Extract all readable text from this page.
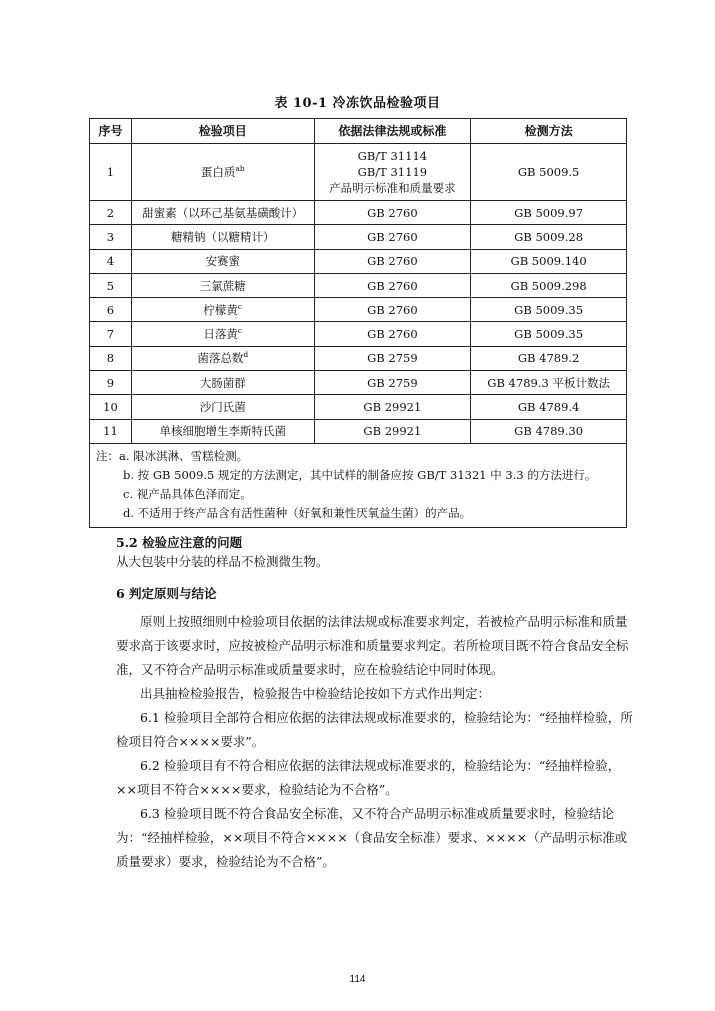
表 10-1 冷冻饮品检验项目
序号	检验项目	依据法律法规或标准	检测方法
1	蛋白质$^{ab}$	GB/T 31114
GB/T 31119
产品明示标准和质量要求	GB 5009.5
2	甜蜜素（以环己基氨基磺酸计）	GB 2760	GB 5009.97
3	糖精钠（以糖精计）	GB 2760	GB 5009.28
4	安赛蜜	GB 2760	GB 5009.140
5	三氯蔗糖	GB 2760	GB 5009.298
6	柠檬黄$^c$	GB 2760	GB 5009.35
7	日落黄$^c$	GB 2760	GB 5009.35
8	菌落总数$^d$	GB 2759	GB 4789.2
9	大肠菌群	GB 2759	GB 4789.3 平板计数法
10	沙门氏菌	GB 29921	GB 4789.4
11	单核细胞增生李斯特氏菌	GB 29921	GB 4789.30

注：a. 限冰淇淋、雪糕检测。
b. 按 GB 5009.5 规定的方法测定，其中试样的制备应按 GB/T 31321 中 3.3 的方法进行。
c. 视产品具体色泽而定。
d. 不适用于终产品含有活性菌种（好氧和兼性厌氧益生菌）的产品。			
5.2 检验应注意的问题
从大包装中分装的样品不检测微生物。
6 判定原则与结论
原则上按照细则中检验项目依据的法律法规或标准要求判定，若被检产品明示标准和质量要求高于该要求时，应按被检产品明示标准和质量要求判定。若所检项目既不符合食品安全标准，又不符合产品明示标准或质量要求时，应在检验结论中同时体现。
出具抽检检验报告，检验报告中检验结论按如下方式作出判定：
6.1 检验项目全部符合相应依据的法律法规或标准要求的，检验结论为：“经抽样检验，所检项目符合××××要求”。
6.2 检验项目有不符合相应依据的法律法规或标准要求的，检验结论为：“经抽样检验，××项目不符合××××要求，检验结论为不合格”。
6.3 检验项目既不符合食品安全标准，又不符合产品明示标准或质量要求时，检验结论为：“经抽样检验，××项目不符合××××（食品安全标准）要求、××××（产品明示标准或质量要求）要求，检验结论为不合格”。
114
